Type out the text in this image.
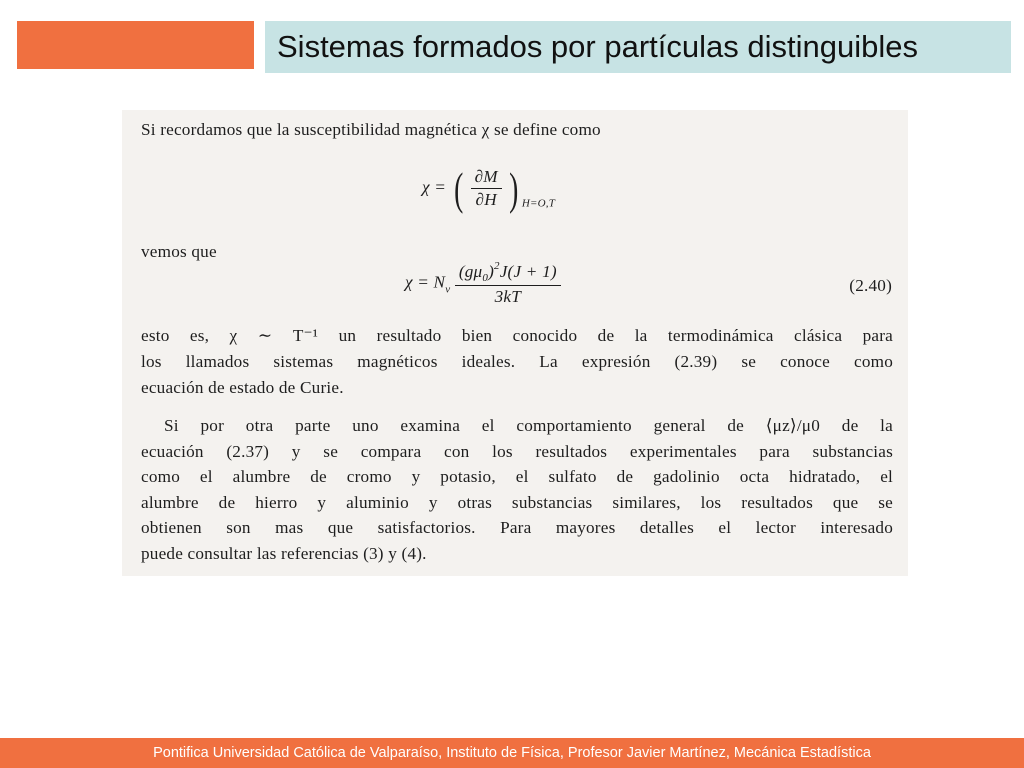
Sistemas formados por partículas distinguibles
Si recordamos que la susceptibilidad magnética χ se define como
χ = ( $\frac{\partial M}{\partial H}$ ) $_{H=O,T}$
vemos que
$\chi = N_v \frac{(g\mu_0)^2J(J + 1)}{3kT}$	(2.40)
esto es, χ ∼ T⁻¹ un resultado bien conocido de la termodinámica clásica para
los llamados sistemas magnéticos ideales. La expresión (2.39) se conoce como
ecuación de estado de Curie.
Si por otra parte uno examina el comportamiento general de ⟨μz⟩/μ0 de la
ecuación (2.37) y se compara con los resultados experimentales para substancias
como el alumbre de cromo y potasio, el sulfato de gadolinio octa hidratado, el
alumbre de hierro y aluminio y otras substancias similares, los resultados que se
obtienen son mas que satisfactorios. Para mayores detalles el lector interesado
puede consultar las referencias (3) y (4).
Pontifica Universidad Católica de Valparaíso, Instituto de Física, Profesor Javier Martínez, Mecánica Estadística
